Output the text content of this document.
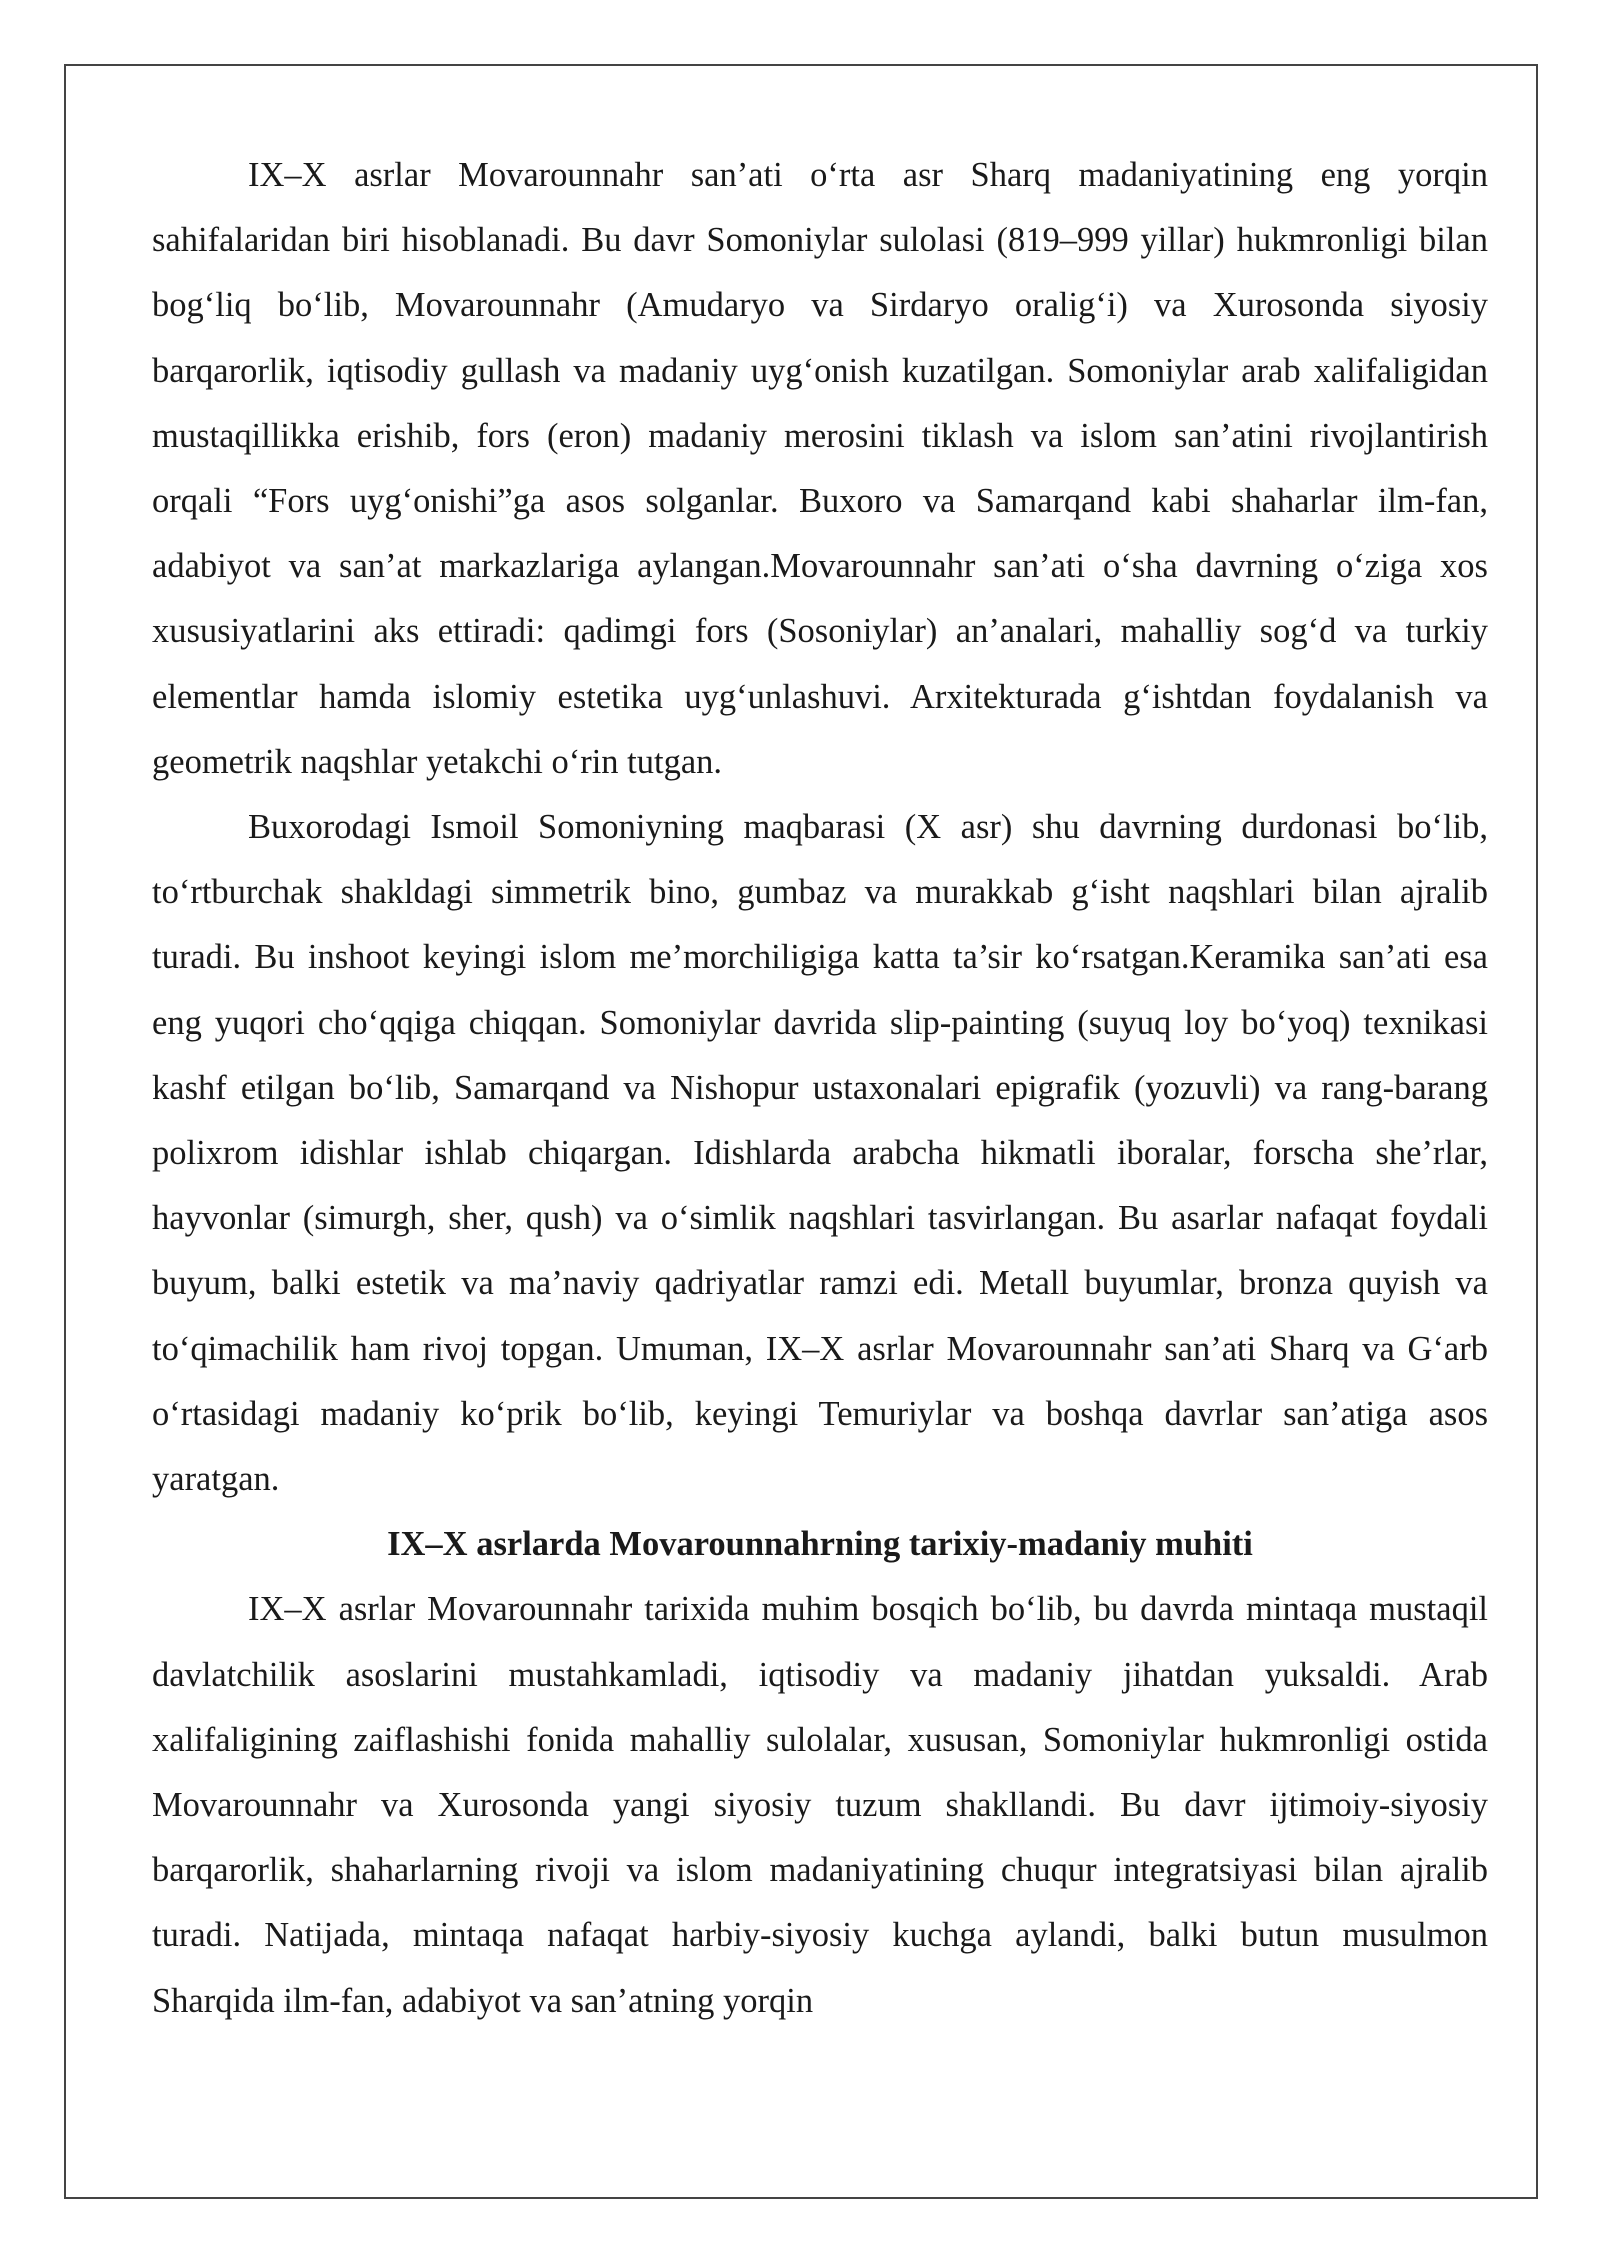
IX–X asrlar Movarounnahr san’ati o‘rta asr Sharq madaniyatining eng yorqin sahifalaridan biri hisoblanadi. Bu davr Somoniylar sulolasi (819–999 yillar) hukmronligi bilan bog‘liq bo‘lib, Movarounnahr (Amudaryo va Sirdaryo oralig‘i) va Xurosonda siyosiy barqarorlik, iqtisodiy gullash va madaniy uyg‘onish kuzatilgan. Somoniylar arab xalifaligidan mustaqillikka erishib, fors (eron) madaniy merosini tiklash va islom san’atini rivojlantirish orqali “Fors uyg‘onishi”ga asos solganlar. Buxoro va Samarqand kabi shaharlar ilm-fan, adabiyot va san’at markazlariga aylangan.Movarounnahr san’ati o‘sha davrning o‘ziga xos xususiyatlarini aks ettiradi: qadimgi fors (Sosoniylar) an’analari, mahalliy sog‘d va turkiy elementlar hamda islomiy estetika uyg‘unlashuvi. Arxitekturada g‘ishtdan foydalanish va geometrik naqshlar yetakchi o‘rin tutgan.

Buxorodagi Ismoil Somoniyning maqbarasi (X asr) shu davrning durdonasi bo‘lib, to‘rtburchak shakldagi simmetrik bino, gumbaz va murakkab g‘isht naqshlari bilan ajralib turadi. Bu inshoot keyingi islom me’morchiligiga katta ta’sir ko‘rsatgan.Keramika san’ati esa eng yuqori cho‘qqiga chiqqan. Somoniylar davrida slip-painting (suyuq loy bo‘yoq) texnikasi kashf etilgan bo‘lib, Samarqand va Nishopur ustaxonalari epigrafik (yozuvli) va rang-barang polixrom idishlar ishlab chiqargan. Idishlarda arabcha hikmatli iboralar, forscha she’rlar, hayvonlar (simurgh, sher, qush) va o‘simlik naqshlari tasvirlangan. Bu asarlar nafaqat foydali buyum, balki estetik va ma’naviy qadriyatlar ramzi edi. Metall buyumlar, bronza quyish va to‘qimachilik ham rivoj topgan. Umuman, IX–X asrlar Movarounnahr san’ati Sharq va G‘arb o‘rtasidagi madaniy ko‘prik bo‘lib, keyingi Temuriylar va boshqa davrlar san’atiga asos yaratgan.

IX–X asrlarda Movarounnahrning tarixiy-madaniy muhiti

IX–X asrlar Movarounnahr tarixida muhim bosqich bo‘lib, bu davrda mintaqa mustaqil davlatchilik asoslarini mustahkamladi, iqtisodiy va madaniy jihatdan yuksaldi. Arab xalifaligining zaiflashishi fonida mahalliy sulolalar, xususan, Somoniylar hukmronligi ostida Movarounnahr va Xurosonda yangi siyosiy tuzum shakllandi. Bu davr ijtimoiy-siyosiy barqarorlik, shaharlarning rivoji va islom madaniyatining chuqur integratsiyasi bilan ajralib turadi. Natijada, mintaqa nafaqat harbiy-siyosiy kuchga aylandi, balki butun musulmon Sharqida ilm-fan, adabiyot va san’atning yorqin
